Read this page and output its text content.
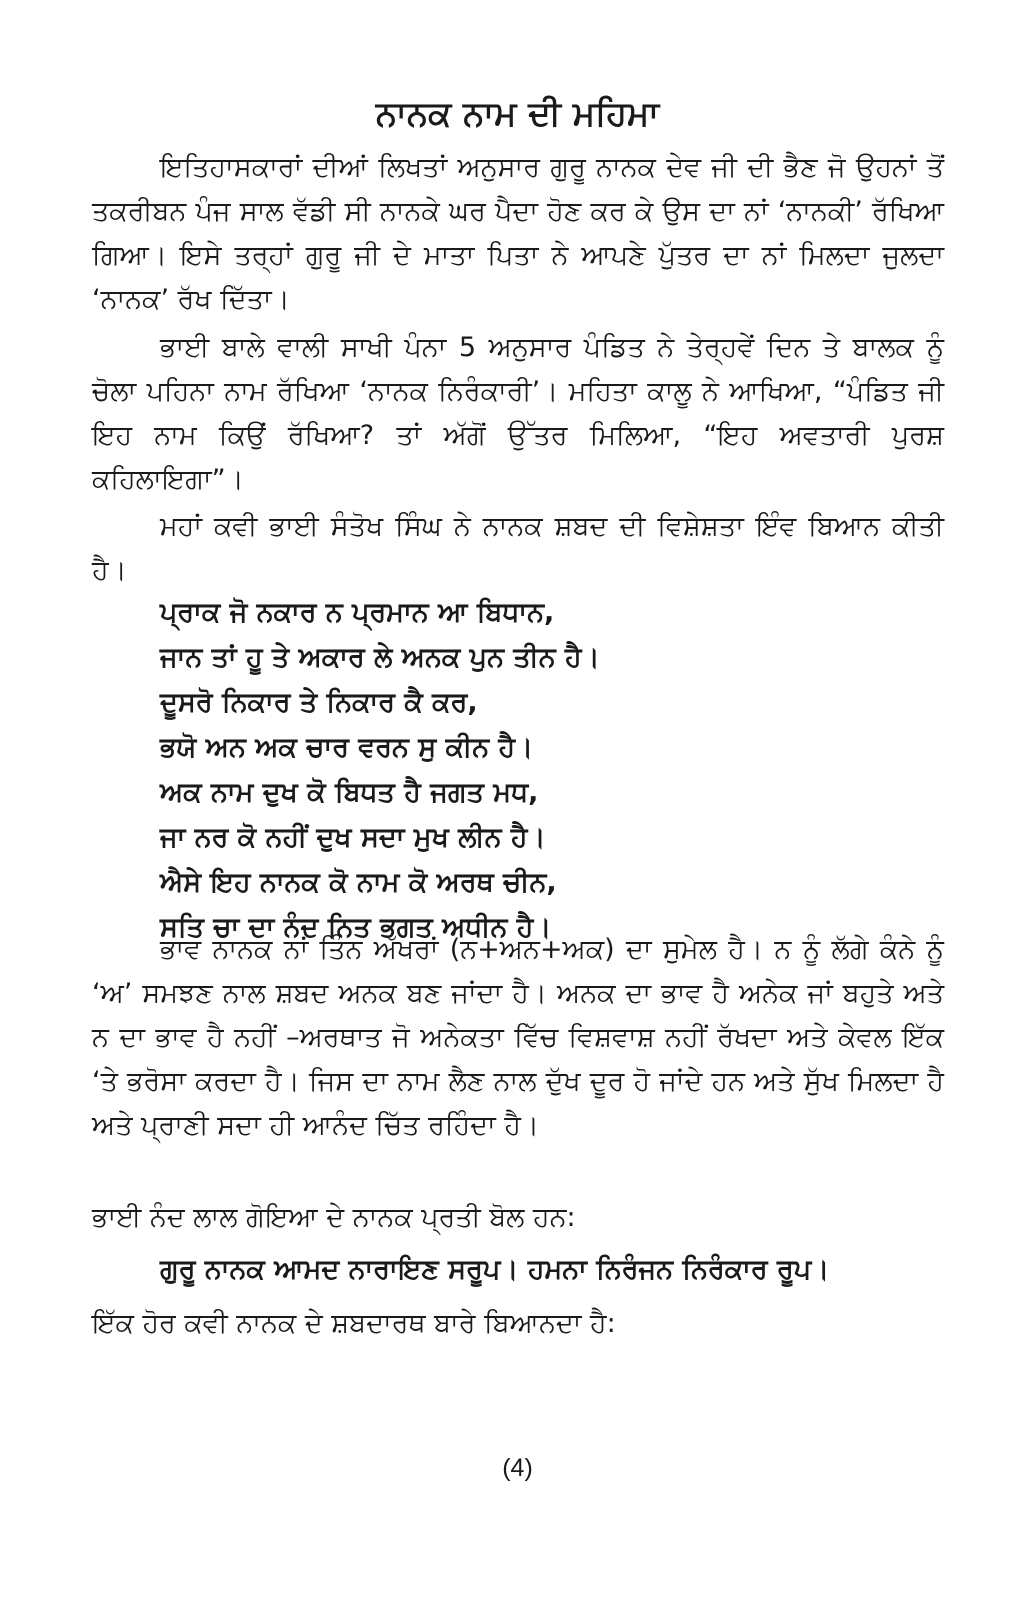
ਨਾਨਕ ਨਾਮ ਦੀ ਮਹਿਮਾ

ਇਤਿਹਾਸਕਾਰਾਂ ਦੀਆਂ ਲਿਖਤਾਂ ਅਨੁਸਾਰ ਗੁਰੂ ਨਾਨਕ ਦੇਵ ਜੀ ਦੀ ਭੈਣ ਜੋ ਉਹਨਾਂ ਤੋਂ ਤਕਰੀਬਨ ਪੰਜ ਸਾਲ ਵੱਡੀ ਸੀ ਨਾਨਕੇ ਘਰ ਪੈਦਾ ਹੋਣ ਕਰ ਕੇ ਉਸ ਦਾ ਨਾਂ ‘ਨਾਨਕੀ’ ਰੱਖਿਆ ਗਿਆ। ਇਸੇ ਤਰ੍ਹਾਂ ਗੁਰੂ ਜੀ ਦੇ ਮਾਤਾ ਪਿਤਾ ਨੇ ਆਪਣੇ ਪੁੱਤਰ ਦਾ ਨਾਂ ਮਿਲਦਾ ਜੁਲਦਾ ‘ਨਾਨਕ’ ਰੱਖ ਦਿੱਤਾ।

ਭਾਈ ਬਾਲੇ ਵਾਲੀ ਸਾਖੀ ਪੰਨਾ 5 ਅਨੁਸਾਰ ਪੰਡਿਤ ਨੇ ਤੇਰ੍ਹਵੇਂ ਦਿਨ ਤੇ ਬਾਲਕ ਨੂੰ ਚੋਲਾ ਪਹਿਨਾ ਨਾਮ ਰੱਖਿਆ ‘ਨਾਨਕ ਨਿਰੰਕਾਰੀ’। ਮਹਿਤਾ ਕਾਲੂ ਨੇ ਆਖਿਆ, “ਪੰਡਿਤ ਜੀ ਇਹ ਨਾਮ ਕਿਉਂ ਰੱਖਿਆ? ਤਾਂ ਅੱਗੋਂ ਉੱਤਰ ਮਿਲਿਆ, “ਇਹ ਅਵਤਾਰੀ ਪੁਰਸ਼ ਕਹਿਲਾਇਗਾ”।

ਮਹਾਂ ਕਵੀ ਭਾਈ ਸੰਤੋਖ ਸਿੰਘ ਨੇ ਨਾਨਕ ਸ਼ਬਦ ਦੀ ਵਿਸ਼ੇਸ਼ਤਾ ਇੰਵ ਬਿਆਨ ਕੀਤੀ ਹੈ।

ਪ੍ਰਾਕ ਜੋ ਨਕਾਰ ਨ ਪ੍ਰਮਾਨ ਆ ਬਿਧਾਨ,
ਜਾਨ ਤਾਂ ਹੂ ਤੇ ਅਕਾਰ ਲੇ ਅਨਕ ਪੁਨ ਤੀਨ ਹੈ।
ਦੂਸਰੋ ਨਿਕਾਰ ਤੇ ਨਿਕਾਰ ਕੈ ਕਰ,
ਭਯੋ ਅਨ ਅਕ ਚਾਰ ਵਰਨ ਸੁ ਕੀਨ ਹੈ।
ਅਕ ਨਾਮ ਦੁਖ ਕੋ ਬਿਧਤ ਹੈ ਜਗਤ ਮਧ,
ਜਾ ਨਰ ਕੋ ਨਹੀਂ ਦੁਖ ਸਦਾ ਮੁਖ ਲੀਨ ਹੈ।
ਐਸੇ ਇਹ ਨਾਨਕ ਕੋ ਨਾਮ ਕੋ ਅਰਥ ਚੀਨ,
ਸਤਿ ਚਾ ਦਾ ਨੰਦ ਨਿਤ ਭਗਤ ਅਧੀਨ ਹੈ।

ਭਾਵ ਨਾਨਕ ਨਾਂ ਤਿੰਨ ਅੱਖਰਾਂ (ਨ+ਅਨ+ਅਕ) ਦਾ ਸੁਮੇਲ ਹੈ। ਨ ਨੂੰ ਲੱਗੇ ਕੰਨੇ ਨੂੰ ‘ਅ’ ਸਮਝਣ ਨਾਲ ਸ਼ਬਦ ਅਨਕ ਬਣ ਜਾਂਦਾ ਹੈ। ਅਨਕ ਦਾ ਭਾਵ ਹੈ ਅਨੇਕ ਜਾਂ ਬਹੁਤੇ ਅਤੇ ਨ ਦਾ ਭਾਵ ਹੈ ਨਹੀਂ –ਅਰਥਾਤ ਜੋ ਅਨੇਕਤਾ ਵਿੱਚ ਵਿਸ਼ਵਾਸ਼ ਨਹੀਂ ਰੱਖਦਾ ਅਤੇ ਕੇਵਲ ਇੱਕ ‘ਤੇ ਭਰੋਸਾ ਕਰਦਾ ਹੈ। ਜਿਸ ਦਾ ਨਾਮ ਲੈਣ ਨਾਲ ਦੁੱਖ ਦੂਰ ਹੋ ਜਾਂਦੇ ਹਨ ਅਤੇ ਸੁੱਖ ਮਿਲਦਾ ਹੈ ਅਤੇ ਪ੍ਰਾਣੀ ਸਦਾ ਹੀ ਆਨੰਦ ਚਿੱਤ ਰਹਿੰਦਾ ਹੈ।

ਭਾਈ ਨੰਦ ਲਾਲ ਗੋਇਆ ਦੇ ਨਾਨਕ ਪ੍ਰਤੀ ਬੋਲ ਹਨ:

ਗੁਰੂ ਨਾਨਕ ਆਮਦ ਨਾਰਾਇਣ ਸਰੂਪ। ਹਮਨਾ ਨਿਰੰਜਨ ਨਿਰੰਕਾਰ ਰੂਪ।

ਇੱਕ ਹੋਰ ਕਵੀ ਨਾਨਕ ਦੇ ਸ਼ਬਦਾਰਥ ਬਾਰੇ ਬਿਆਨਦਾ ਹੈ:

(4)
